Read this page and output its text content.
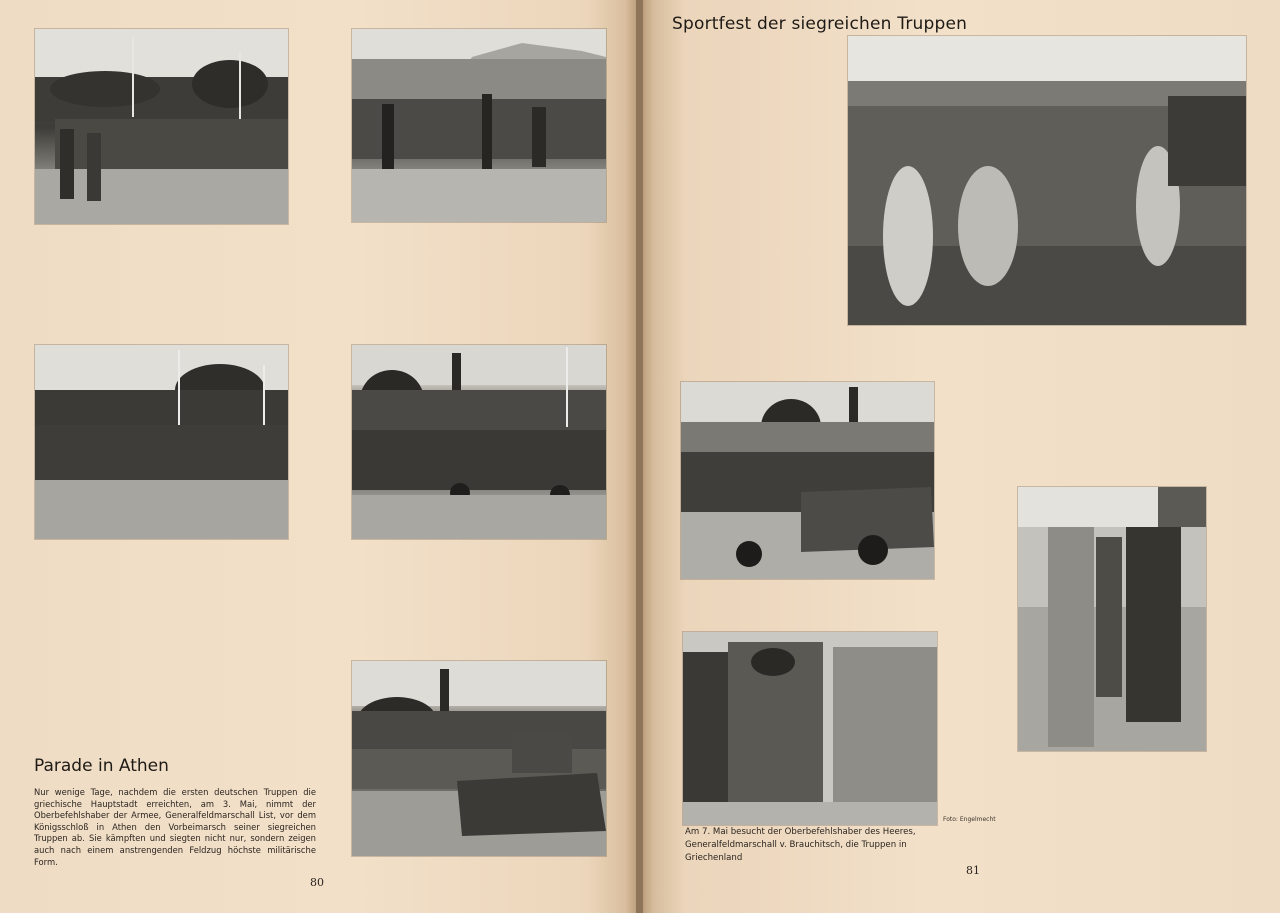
Sportfest der siegreichen Truppen
Parade in Athen

Nur wenige Tage, nachdem die ersten deutschen Truppen die griechische Hauptstadt erreichten, am 3. Mai, nimmt der Oberbefehlshaber der Armee, Generalfeldmarschall List, vor dem Königsschloß in Athen den Vorbeimarsch seiner siegreichen Truppen ab. Sie kämpften und siegten nicht nur, sondern zeigen auch nach einem anstrengenden Feldzug höchste militärische Form.

Am 7. Mai besucht der Oberbefehlshaber des Heeres, Generalfeldmarschall v. Brauchitsch, die Truppen in Griechenland

Foto: Engelmecht

80

81
